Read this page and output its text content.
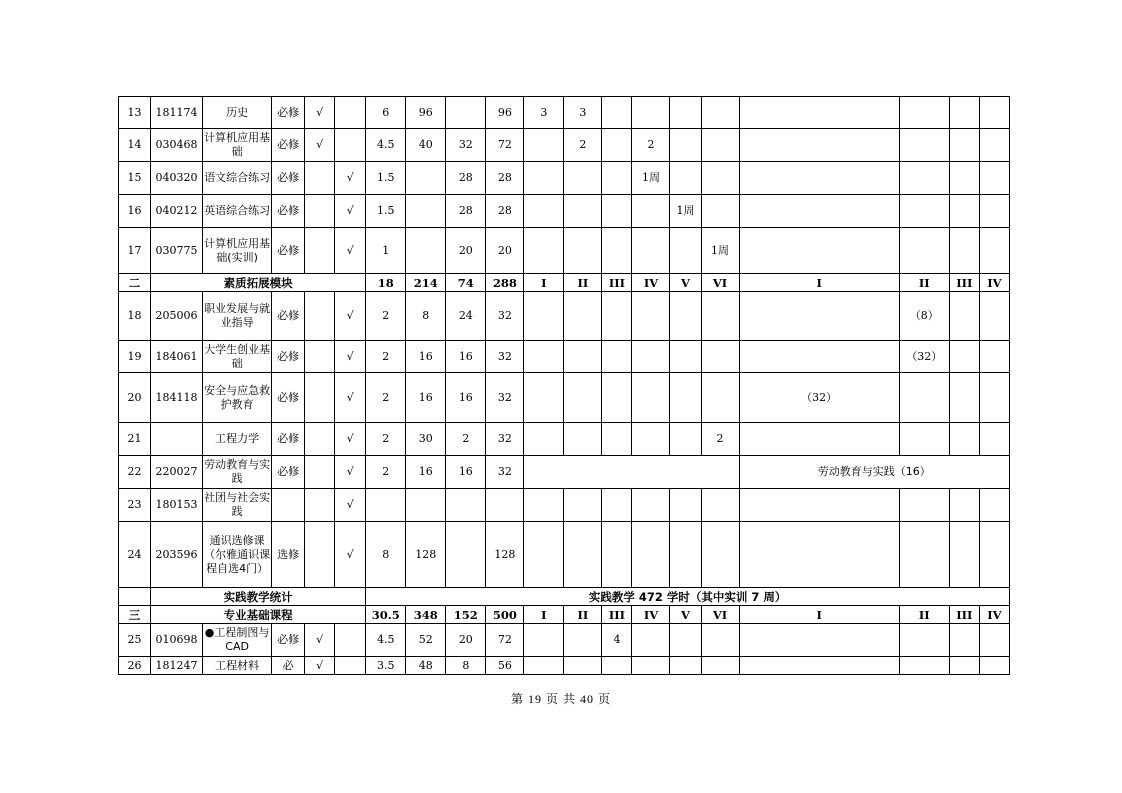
13	181174	历史	必修	√		6	96		96	3	3								
14	030468	计算机应用基础	必修	√		4.5	40	32	72		2		2						
15	040320	语文综合练习	必修		√	1.5		28	28				1周						
16	040212	英语综合练习	必修		√	1.5		28	28					1周					
17	030775	计算机应用基础(实训)	必修		√	1		20	20						1周				
二	素质拓展模块					18	214	74	288	I	II	III	IV	V	VI	I	II	III	IV
18	205006	职业发展与就业指导	必修		√	2	8	24	32								（8）		
19	184061	大学生创业基础	必修		√	2	16	16	32								（32）		
20	184118	安全与应急救护教育	必修		√	2	16	16	32							（32）			
21		工程力学	必修		√	2	30	2	32						2				
22	220027	劳动教育与实践	必修		√	2	16	16	32							劳动教育与实践（16）			
23	180153	社团与社会实践			√														
24	203596	通识选修课（尔雅通识课程自选4门）	选修		√	8	128		128										
	实践教学统计					实践教学 472 学时（其中实训 7 周）													
三	专业基础课程					30.5	348	152	500	I	II	III	IV	V	VI	I	II	III	IV
25	010698	●工程制图与 CAD	必修	√		4.5	52	20	72			4							
26	181247	工程材料	必	√		3.5	48	8	56										
第 19 页 共 40 页
